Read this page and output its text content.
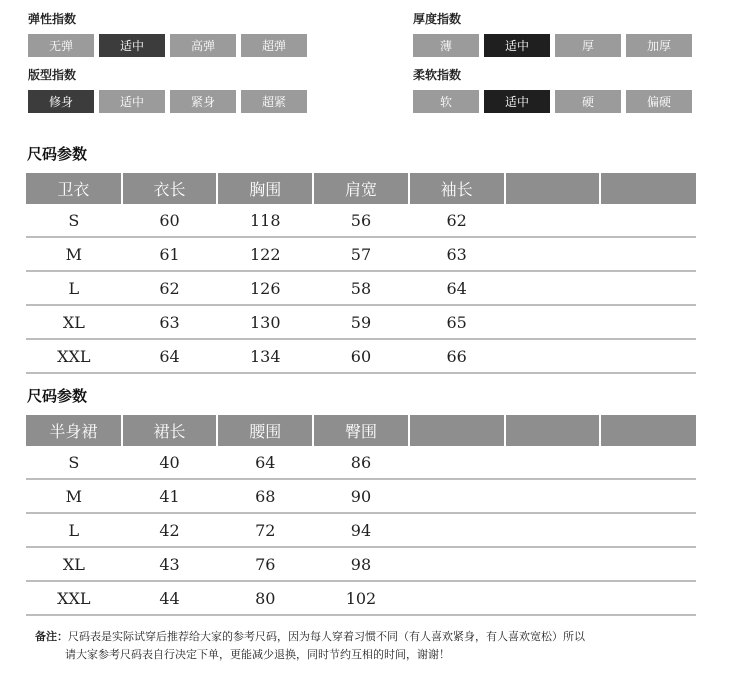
弹性指数
无弹	适中	高弹	超弹
厚度指数
薄	适中	厚	加厚
版型指数
修身	适中	紧身	超紧
柔软指数
软	适中	硬	偏硬
尺码参数
卫衣	衣长	胸围	肩宽	袖长		
S	60	118	56	62		
M	61	122	57	63		
L	62	126	58	64		
XL	63	130	59	65		
XXL	64	134	60	66		
尺码参数
半身裙	裙长	腰围	臀围			
S	40	64	86			
M	41	68	90			
L	42	72	94			
XL	43	76	98			
XXL	44	80	102			
备注：尺码表是实际试穿后推荐给大家的参考尺码，因为每人穿着习惯不同（有人喜欢紧身，有人喜欢宽松）所以
请大家参考尺码表自行决定下单，更能减少退换，同时节约互相的时间，谢谢！
